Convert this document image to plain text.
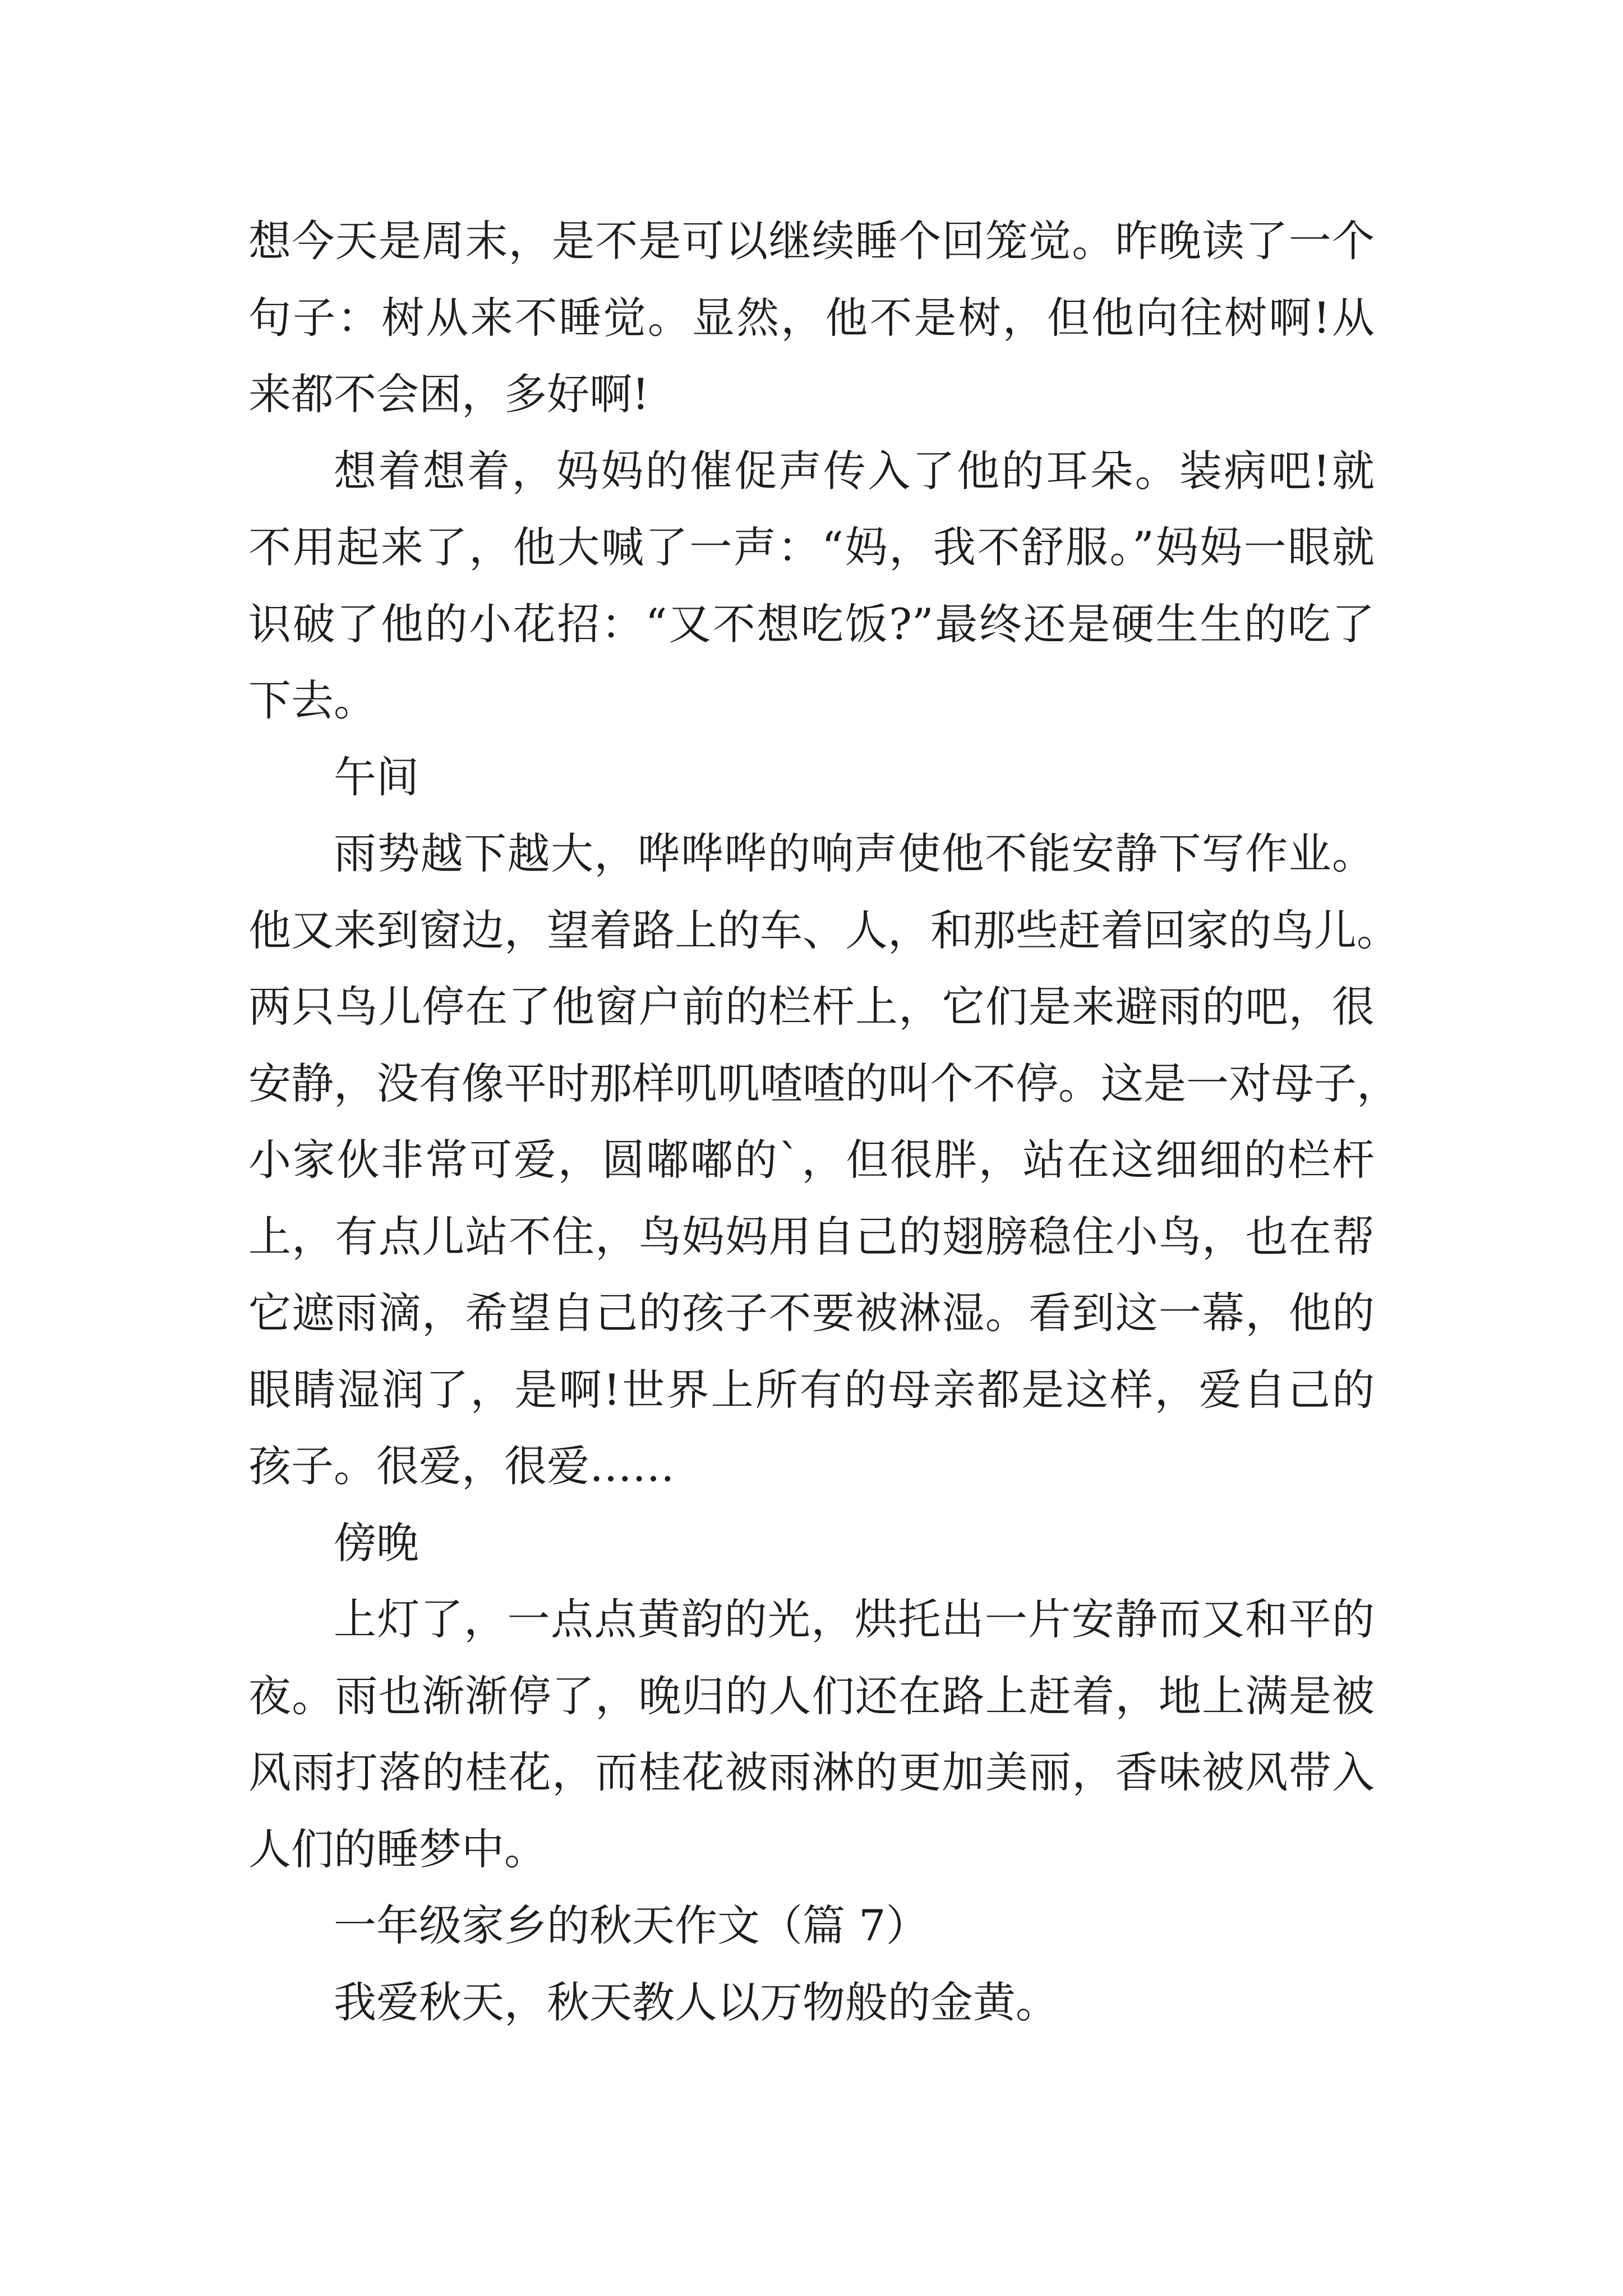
想今天是周末，是不是可以继续睡个回笼觉。昨晚读了一个
句子：树从来不睡觉。显然，他不是树，但他向往树啊!从
来都不会困，多好啊!
想着想着，妈妈的催促声传入了他的耳朵。装病吧!就
不用起来了，他大喊了一声：“妈，我不舒服。”妈妈一眼就
识破了他的小花招：“又不想吃饭?”最终还是硬生生的吃了
下去。
午间
雨势越下越大，哗哗哗的响声使他不能安静下写作业。
他又来到窗边，望着路上的车、人，和那些赶着回家的鸟儿。
两只鸟儿停在了他窗户前的栏杆上，它们是来避雨的吧，很
安静，没有像平时那样叽叽喳喳的叫个不停。这是一对母子，
小家伙非常可爱，圆嘟嘟的`，但很胖，站在这细细的栏杆
上，有点儿站不住，鸟妈妈用自己的翅膀稳住小鸟，也在帮
它遮雨滴，希望自己的孩子不要被淋湿。看到这一幕，他的
眼睛湿润了，是啊!世界上所有的母亲都是这样，爱自己的
孩子。很爱，很爱……
傍晚
上灯了，一点点黄韵的光，烘托出一片安静而又和平的
夜。雨也渐渐停了，晚归的人们还在路上赶着，地上满是被
风雨打落的桂花，而桂花被雨淋的更加美丽，香味被风带入
人们的睡梦中。
一年级家乡的秋天作文（篇 7）
我爱秋天，秋天教人以万物般的金黄。
